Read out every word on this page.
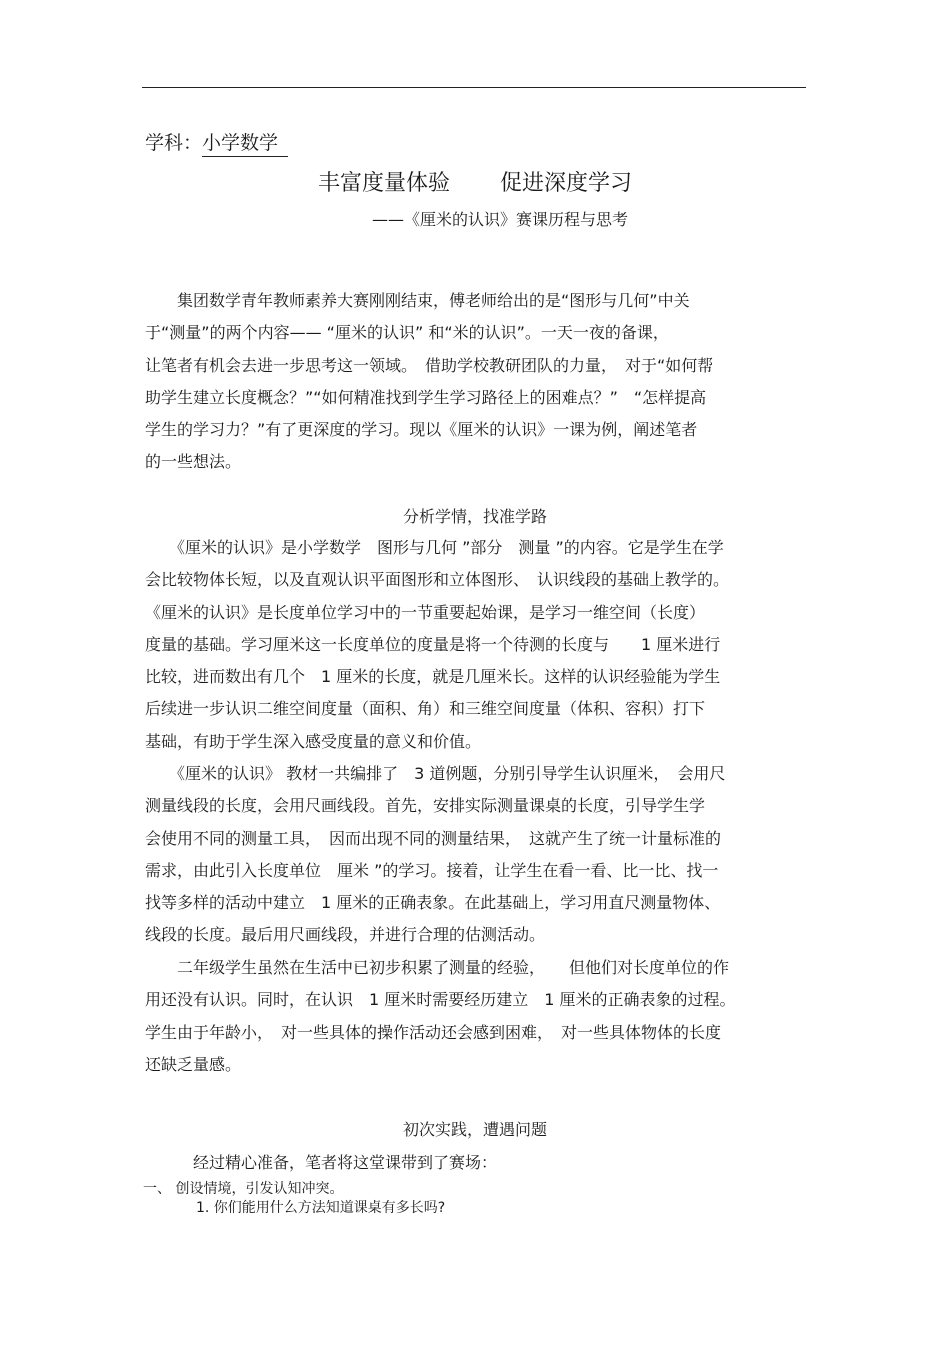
学科：小学数学
丰富度量体验 促进深度学习
——《厘米的认识》赛课历程与思考
　　集团数学青年教师素养大赛刚刚结束，傅老师给出的是“图形与几何”中关
于“测量”的两个内容—— “厘米的认识” 和“米的认识”。一天一夜的备课，
让笔者有机会去进一步思考这一领域。　借助学校教研团队的力量，　对于“如何帮
助学生建立长度概念？”“如何精准找到学生学习路径上的困难点？”　“怎样提高
学生的学习力？”有了更深度的学习。现以《厘米的认识》一课为例，阐述笔者
的一些想法。
分析学情，找准学路
　　《厘米的认识》是小学数学　图形与几何 ”部分　测量 ”的内容。它是学生在学
会比较物体长短，以及直观认识平面图形和立体图形、　认识线段的基础上教学的。
《厘米的认识》是长度单位学习中的一节重要起始课，是学习一维空间（长度）
度量的基础。学习厘米这一长度单位的度量是将一个待测的长度与　　1 厘米进行
比较，进而数出有几个　1 厘米的长度，就是几厘米长。这样的认识经验能为学生
后续进一步认识二维空间度量（面积、角）和三维空间度量（体积、容积）打下
基础，有助于学生深入感受度量的意义和价值。
　　《厘米的认识》 教材一共编排了　3 道例题，分别引导学生认识厘米，　会用尺
测量线段的长度，会用尺画线段。首先，安排实际测量课桌的长度，引导学生学
会使用不同的测量工具，　因而出现不同的测量结果，　这就产生了统一计量标准的
需求，由此引入长度单位　厘米 ”的学习。接着，让学生在看一看、比一比、找一
找等多样的活动中建立　1 厘米的正确表象。在此基础上，学习用直尺测量物体、
线段的长度。最后用尺画线段，并进行合理的估测活动。
　　二年级学生虽然在生活中已初步积累了测量的经验，　　但他们对长度单位的作
用还没有认识。同时，在认识　1 厘米时需要经历建立　1 厘米的正确表象的过程。
学生由于年龄小，　对一些具体的操作活动还会感到困难，　对一些具体物体的长度
还缺乏量感。
初次实践，遭遇问题
经过精心准备，笔者将这堂课带到了赛场：
一、 创设情境，引发认知冲突。
1. 你们能用什么方法知道课桌有多长吗?
